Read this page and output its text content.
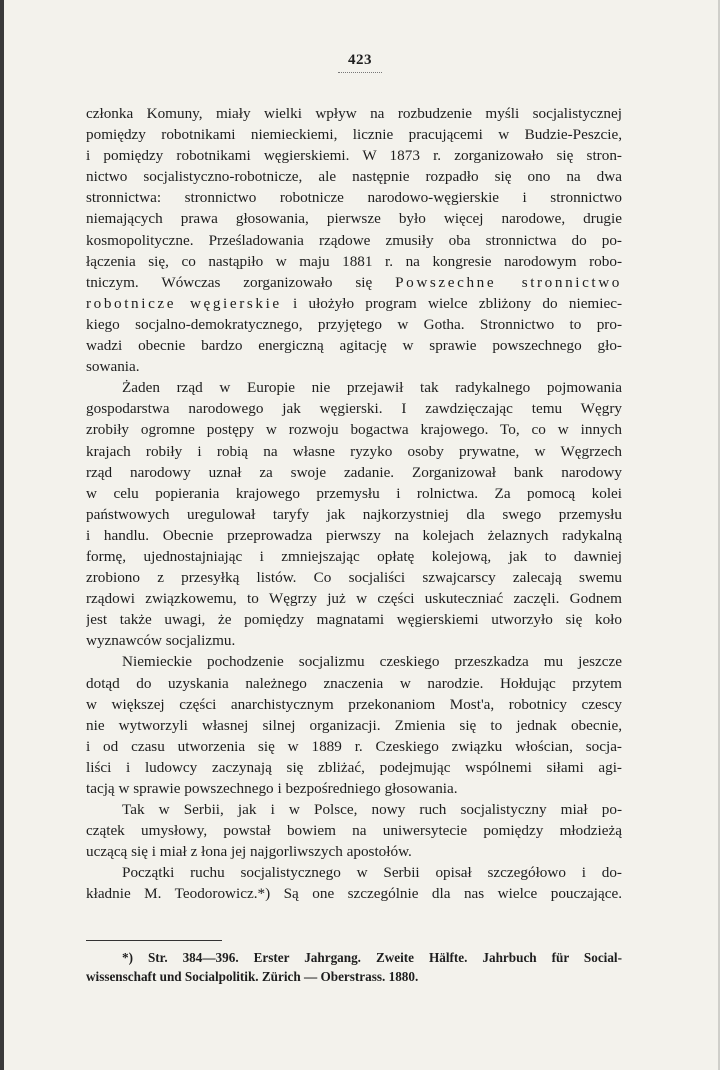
423
członka Komuny, miały wielki wpływ na rozbudzenie myśli socjalistycznej
pomiędzy robotnikami niemieckiemi, licznie pracującemi w Budzie-Peszcie,
i pomiędzy robotnikami węgierskiemi. W 1873 r. zorganizowało się stron-
nictwo socjalistyczno-robotnicze, ale następnie rozpadło się ono na dwa
stronnictwa: stronnictwo robotnicze narodowo-węgierskie i stronnictwo
niemających prawa głosowania, pierwsze było więcej narodowe, drugie
kosmopolityczne. Prześladowania rządowe zmusiły oba stronnictwa do po-
łączenia się, co nastąpiło w maju 1881 r. na kongresie narodowym robo-
tniczym. Wówczas zorganizowało się Powszechne stronnictwo
robotnicze węgierskie i ułożyło program wielce zbliżony do niemiec-
kiego socjalno-demokratycznego, przyjętego w Gotha. Stronnictwo to pro-
wadzi obecnie bardzo energiczną agitację w sprawie powszechnego gło-
sowania.
Żaden rząd w Europie nie przejawił tak radykalnego pojmowania
gospodarstwa narodowego jak węgierski. I zawdzięczając temu Węgry
zrobiły ogromne postępy w rozwoju bogactwa krajowego. To, co w innych
krajach robiły i robią na własne ryzyko osoby prywatne, w Węgrzech
rząd narodowy uznał za swoje zadanie. Zorganizował bank narodowy
w celu popierania krajowego przemysłu i rolnictwa. Za pomocą kolei
państwowych uregulował taryfy jak najkorzystniej dla swego przemysłu
i handlu. Obecnie przeprowadza pierwszy na kolejach żelaznych radykalną
formę, ujednostajniając i zmniejszając opłatę kolejową, jak to dawniej
zrobiono z przesyłką listów. Co socjaliści szwajcarscy zalecają swemu
rządowi związkowemu, to Węgrzy już w części uskuteczniać zaczęli. Godnem
jest także uwagi, że pomiędzy magnatami węgierskiemi utworzyło się koło
wyznawców socjalizmu.
Niemieckie pochodzenie socjalizmu czeskiego przeszkadza mu jeszcze
dotąd do uzyskania należnego znaczenia w narodzie. Hołdując przytem
w większej części anarchistycznym przekonaniom Most'a, robotnicy czescy
nie wytworzyli własnej silnej organizacji. Zmienia się to jednak obecnie,
i od czasu utworzenia się w 1889 r. Czeskiego związku włościan, socja-
liści i ludowcy zaczynają się zbliżać, podejmując wspólnemi siłami agi-
tacją w sprawie powszechnego i bezpośredniego głosowania.
Tak w Serbii, jak i w Polsce, nowy ruch socjalistyczny miał po-
czątek umysłowy, powstał bowiem na uniwersytecie pomiędzy młodzieżą
uczącą się i miał z łona jej najgorliwszych apostołów.
Początki ruchu socjalistycznego w Serbii opisał szczegółowo i do-
kładnie M. Teodorowicz.*) Są one szczególnie dla nas wielce pouczające.
*) Str. 384—396. Erster Jahrgang. Zweite Hälfte. Jahrbuch für Social-
wissenschaft und Socialpolitik. Zürich — Oberstrass. 1880.
